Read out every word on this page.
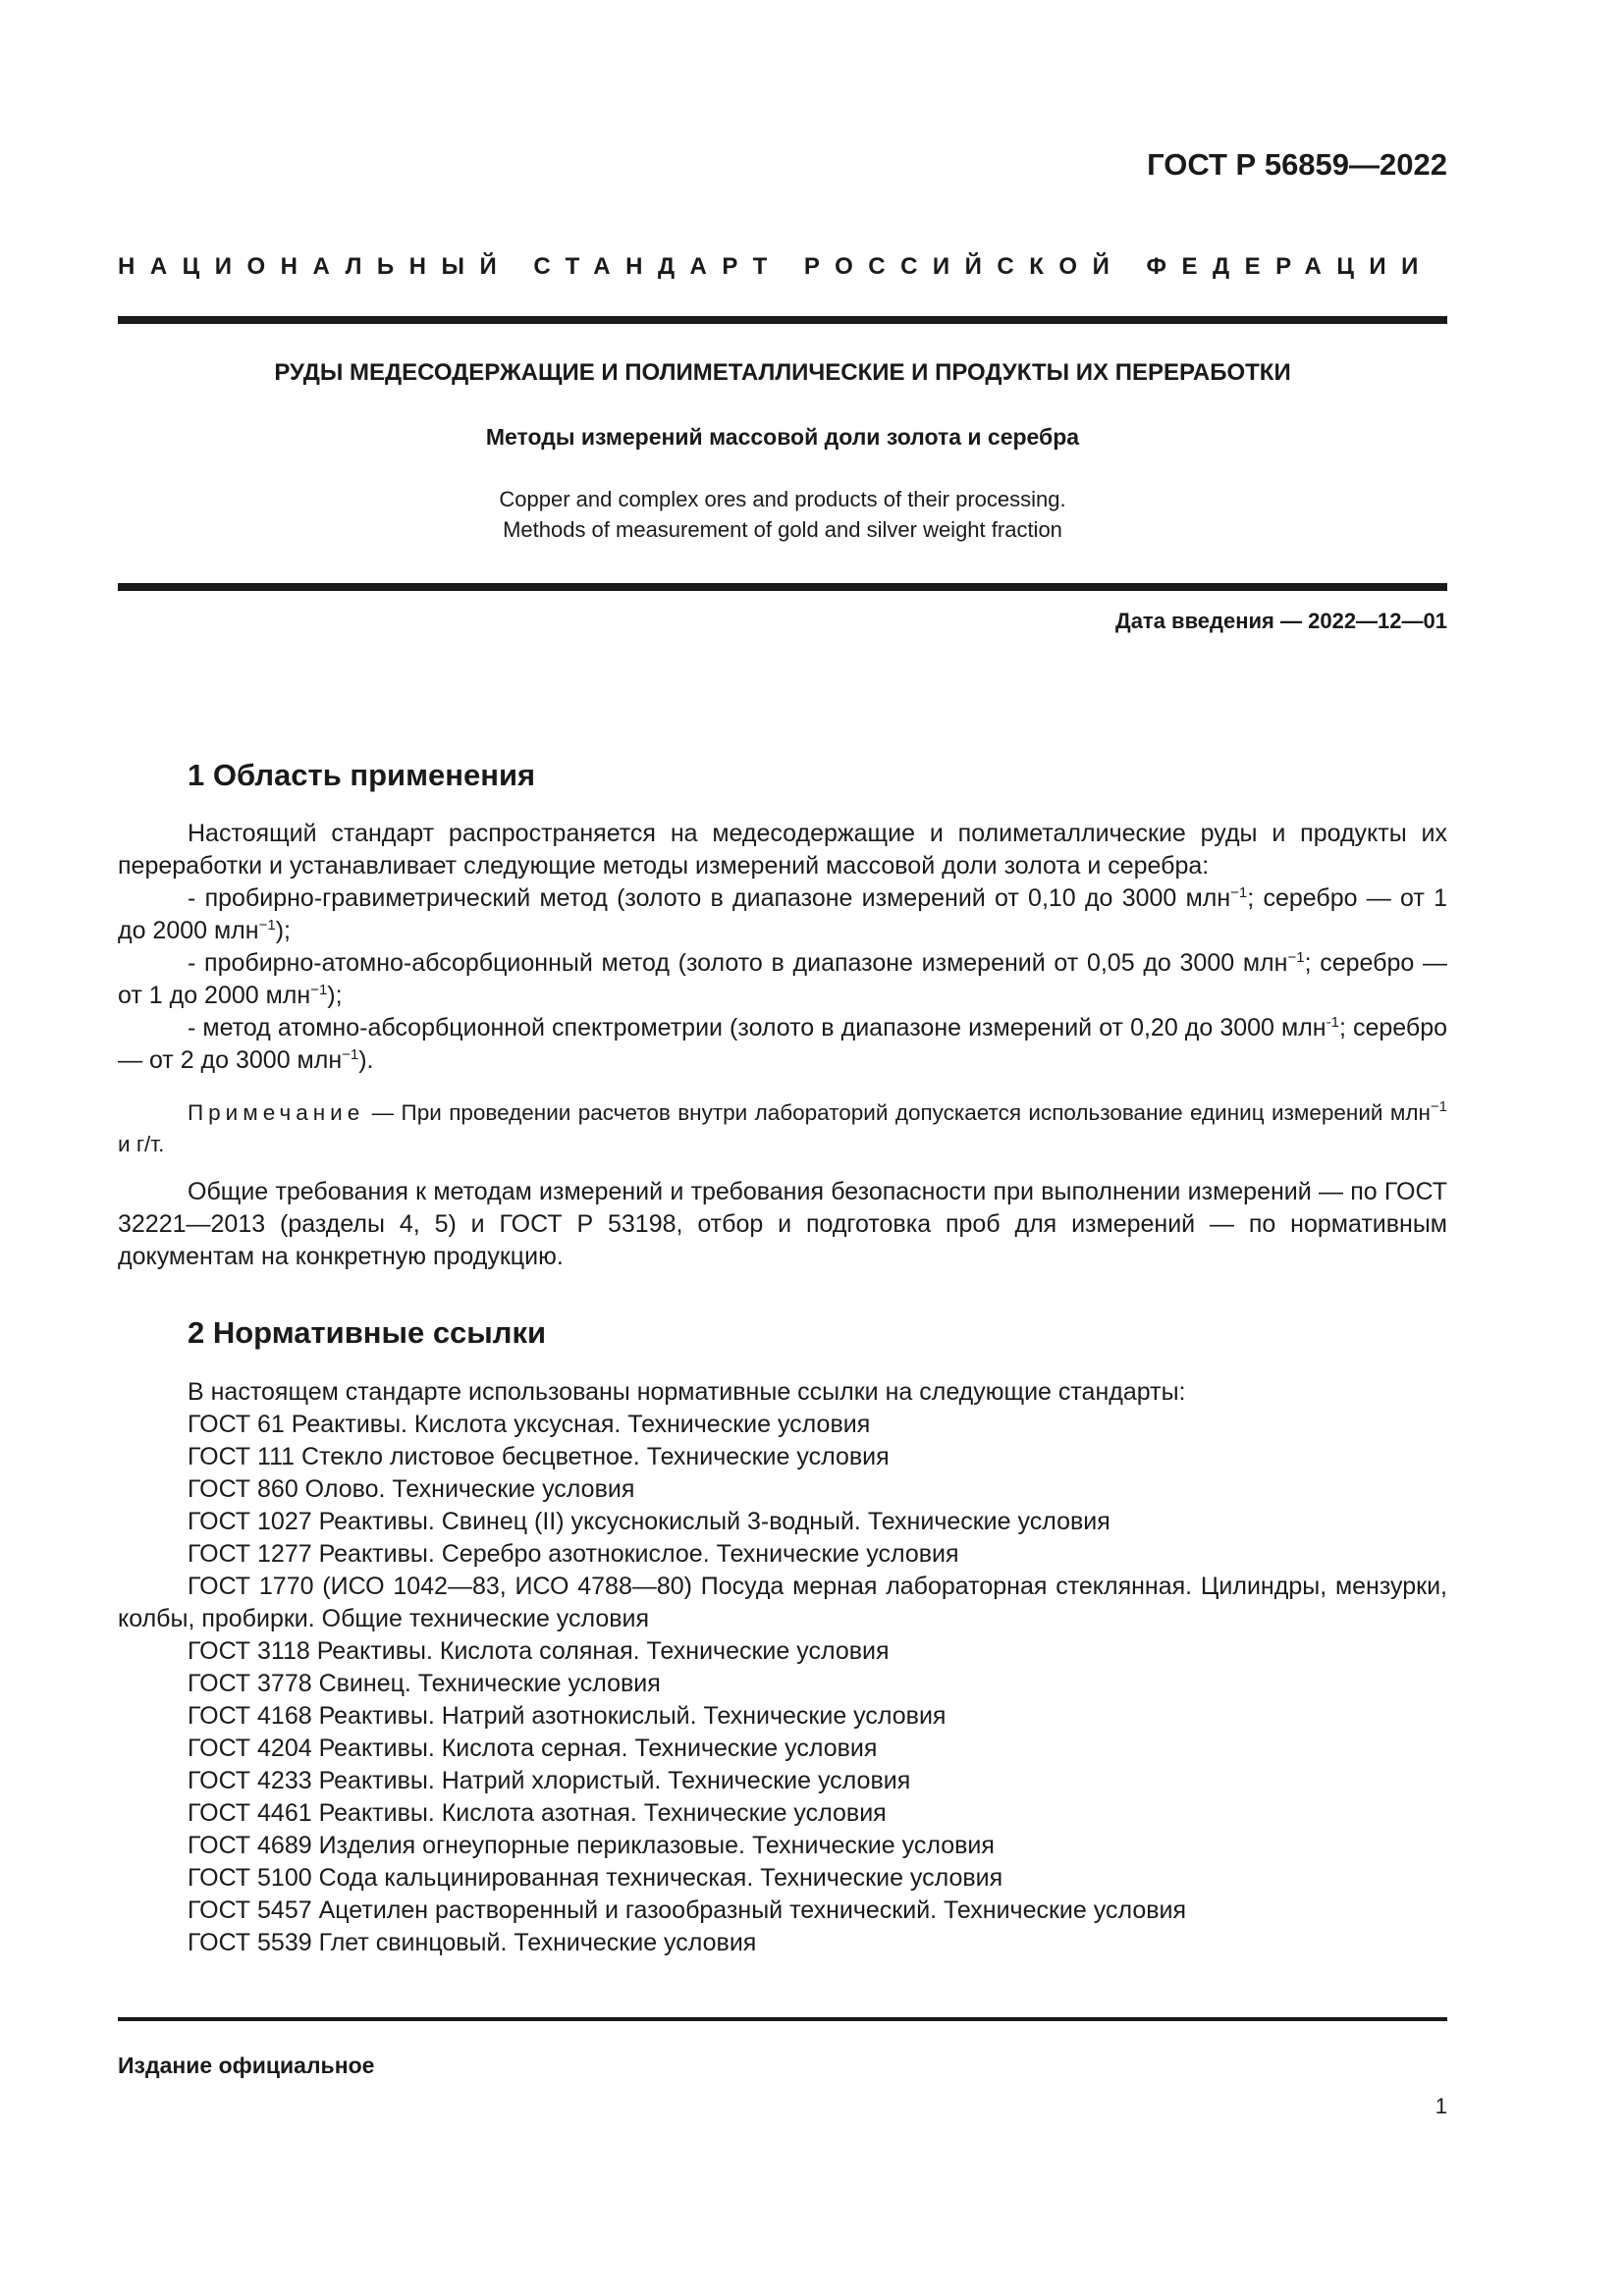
ГОСТ Р 56859—2022
НАЦИОНАЛЬНЫЙ СТАНДАРТ РОССИЙСКОЙ ФЕДЕРАЦИИ
РУДЫ МЕДЕСОДЕРЖАЩИЕ И ПОЛИМЕТАЛЛИЧЕСКИЕ И ПРОДУКТЫ ИХ ПЕРЕРАБОТКИ
Методы измерений массовой доли золота и серебра
Copper and complex ores and products of their processing.
Methods of measurement of gold and silver weight fraction
Дата введения — 2022—12—01
1 Область применения

Настоящий стандарт распространяется на медесодержащие и полиметаллические руды и продукты их переработки и устанавливает следующие методы измерений массовой доли золота и серебра:

- пробирно-гравиметрический метод (золото в диапазоне измерений от 0,10 до 3000 млн$^{-1}$; серебро — от 1 до 2000 млн$^{-1}$);

- пробирно-атомно-абсорбционный метод (золото в диапазоне измерений от 0,05 до 3000 млн$^{-1}$; серебро — от 1 до 2000 млн$^{-1}$);

- метод атомно-абсорбционной спектрометрии (золото в диапазоне измерений от 0,20 до 3000 млн$^{-1}$; серебро — от 2 до 3000 млн$^{-1}$).

Примечание — При проведении расчетов внутри лабораторий допускается использование единиц измерений млн$^{-1}$ и г/т.

Общие требования к методам измерений и требования безопасности при выполнении измерений — по ГОСТ 32221—2013 (разделы 4, 5) и ГОСТ Р 53198, отбор и подготовка проб для измерений — по нормативным документам на конкретную продукцию.

2 Нормативные ссылки

В настоящем стандарте использованы нормативные ссылки на следующие стандарты:

ГОСТ 61 Реактивы. Кислота уксусная. Технические условия

ГОСТ 111 Стекло листовое бесцветное. Технические условия

ГОСТ 860 Олово. Технические условия

ГОСТ 1027 Реактивы. Свинец (II) уксуснокислый 3-водный. Технические условия

ГОСТ 1277 Реактивы. Серебро азотнокислое. Технические условия

ГОСТ 1770 (ИСО 1042—83, ИСО 4788—80) Посуда мерная лабораторная стеклянная. Цилиндры, мензурки, колбы, пробирки. Общие технические условия

ГОСТ 3118 Реактивы. Кислота соляная. Технические условия

ГОСТ 3778 Свинец. Технические условия

ГОСТ 4168 Реактивы. Натрий азотнокислый. Технические условия

ГОСТ 4204 Реактивы. Кислота серная. Технические условия

ГОСТ 4233 Реактивы. Натрий хлористый. Технические условия

ГОСТ 4461 Реактивы. Кислота азотная. Технические условия

ГОСТ 4689 Изделия огнеупорные периклазовые. Технические условия

ГОСТ 5100 Сода кальцинированная техническая. Технические условия

ГОСТ 5457 Ацетилен растворенный и газообразный технический. Технические условия

ГОСТ 5539 Глет свинцовый. Технические условия

Издание официальное
1
